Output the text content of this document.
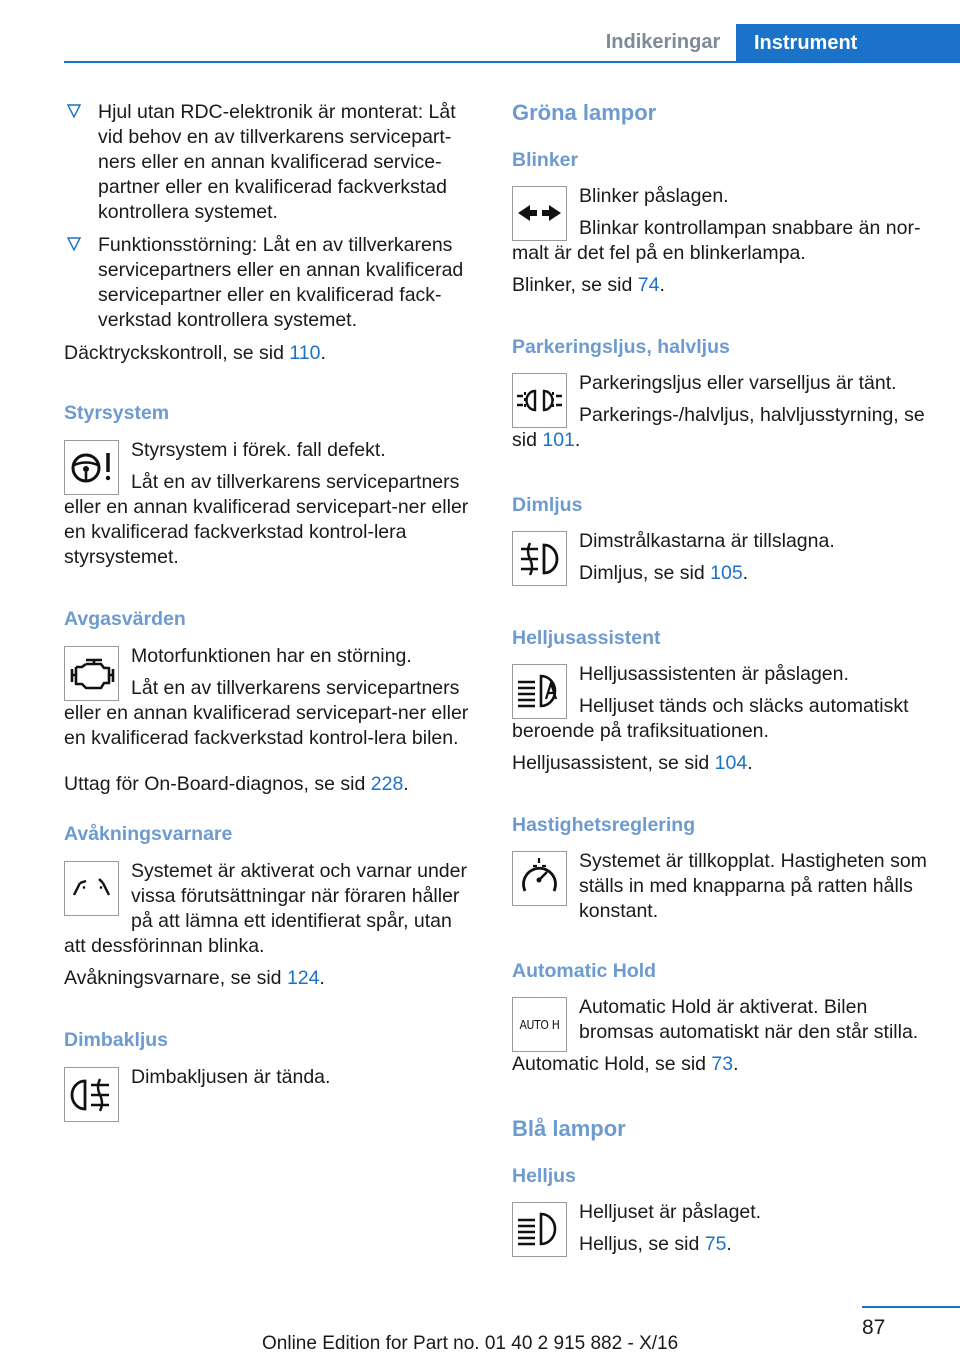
Indikeringar	Instrument
Hjul utan RDC-elektronik är monterat: Låt vid behov en av tillverkarens servicepart‐ners eller en annan kvalificerad service‐partner eller en kvalificerad fackverkstad kontrollera systemet.
Funktionsstörning: Låt en av tillverkarens servicepartners eller en annan kvalificerad servicepartner eller en kvalificerad fack‐verkstad kontrollera systemet.
Däcktryckskontroll, se sid 110.
Styrsystem
Styrsystem i förek. fall defekt.
Låt en av tillverkarens servicepartners eller en annan kvalificerad servicepart‐ner eller en kvalificerad fackverkstad kontrol‐lera styrsystemet.
Avgasvärden
Motorfunktionen har en störning.
Låt en av tillverkarens servicepartners eller en annan kvalificerad servicepart‐ner eller en kvalificerad fackverkstad kontrol‐lera bilen.
Uttag för On-Board-diagnos, se sid 228.
Avåkningsvarnare
Systemet är aktiverat och varnar under vissa förutsättningar när föraren håller på att lämna ett identifierat spår, utan att dessförinnan blinka.
Avåkningsvarnare, se sid 124.
Dimbakljus
Dimbakljusen är tända.
Gröna lampor
Blinker
Blinker påslagen.
Blinkar kontrollampan snabbare än nor‐malt är det fel på en blinkerlampa.
Blinker, se sid 74.
Parkeringsljus, halvljus
Parkeringsljus eller varselljus är tänt.
Parkerings-/halvljus, halvljusstyrning, se sid 101.
Dimljus
Dimstrålkastarna är tillslagna.
Dimljus, se sid 105.
Helljusassistent
Helljusassistenten är påslagen.
Helljuset tänds och släcks automatiskt beroende på trafiksituationen.
Helljusassistent, se sid 104.
Hastighetsreglering
Systemet är tillkopplat. Hastigheten som ställs in med knapparna på ratten hålls konstant.
Automatic Hold
AUTO H
Automatic Hold är aktiverat. Bilen bromsas automatiskt när den står stilla.
Automatic Hold, se sid 73.
Blå lampor
Helljus
Helljuset är påslaget.
Helljus, se sid 75.
87
Online Edition for Part no. 01 40 2 915 882 - X/16
